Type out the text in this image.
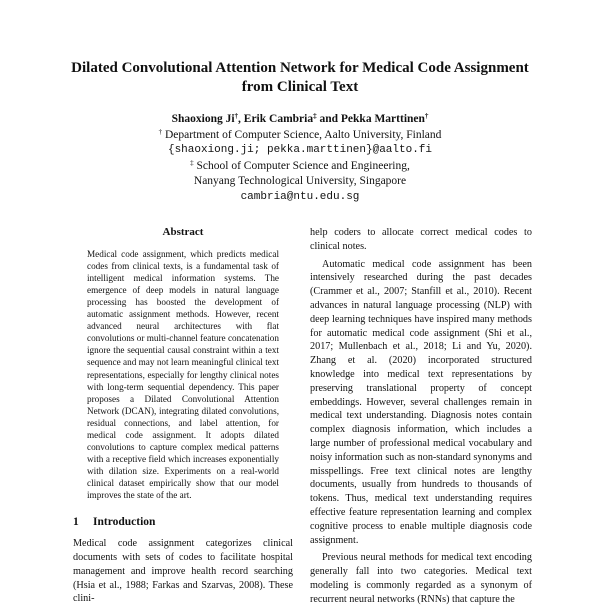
Dilated Convolutional Attention Network for Medical Code Assignment
from Clinical Text
Shaoxiong Ji†, Erik Cambria‡ and Pekka Marttinen†
† Department of Computer Science, Aalto University, Finland
{shaoxiong.ji; pekka.marttinen}@aalto.fi
‡ School of Computer Science and Engineering,
Nanyang Technological University, Singapore
cambria@ntu.edu.sg
Abstract

Medical code assignment, which predicts medical codes from clinical texts, is a fundamental task of intelligent medical information systems. The emergence of deep models in natural language processing has boosted the development of automatic assignment methods. However, recent advanced neural architectures with flat convolutions or multi-channel feature concatenation ignore the sequential causal constraint within a text sequence and may not learn meaningful clinical text representations, especially for lengthy clinical notes with long-term sequential dependency. This paper proposes a Dilated Convolutional Attention Network (DCAN), integrating dilated convolutions, residual connections, and label attention, for medical code assignment. It adopts dilated convolutions to capture complex medical patterns with a receptive field which increases exponentially with dilation size. Experiments on a real-world clinical dataset empirically show that our model improves the state of the art.

1 Introduction

Medical code assignment categorizes clinical documents with sets of codes to facilitate hospital management and improve health record searching (Hsia et al., 1988; Farkas and Szarvas, 2008). These clini-

help coders to allocate correct medical codes to clinical notes.

Automatic medical code assignment has been intensively researched during the past decades (Crammer et al., 2007; Stanfill et al., 2010). Recent advances in natural language processing (NLP) with deep learning techniques have inspired many methods for automatic medical code assignment (Shi et al., 2017; Mullenbach et al., 2018; Li and Yu, 2020). Zhang et al. (2020) incorporated structured knowledge into medical text representations by preserving translational property of concept embeddings. However, several challenges remain in medical text understanding. Diagnosis notes contain complex diagnosis information, which includes a large number of professional medical vocabulary and noisy information such as non-standard synonyms and misspellings. Free text clinical notes are lengthy documents, usually from hundreds to thousands of tokens. Thus, medical text understanding requires effective feature representation learning and complex cognitive process to enable multiple diagnosis code assignment.

Previous neural methods for medical text encoding generally fall into two categories. Medical text modeling is commonly regarded as a synonym of recurrent neural networks (RNNs) that capture the
